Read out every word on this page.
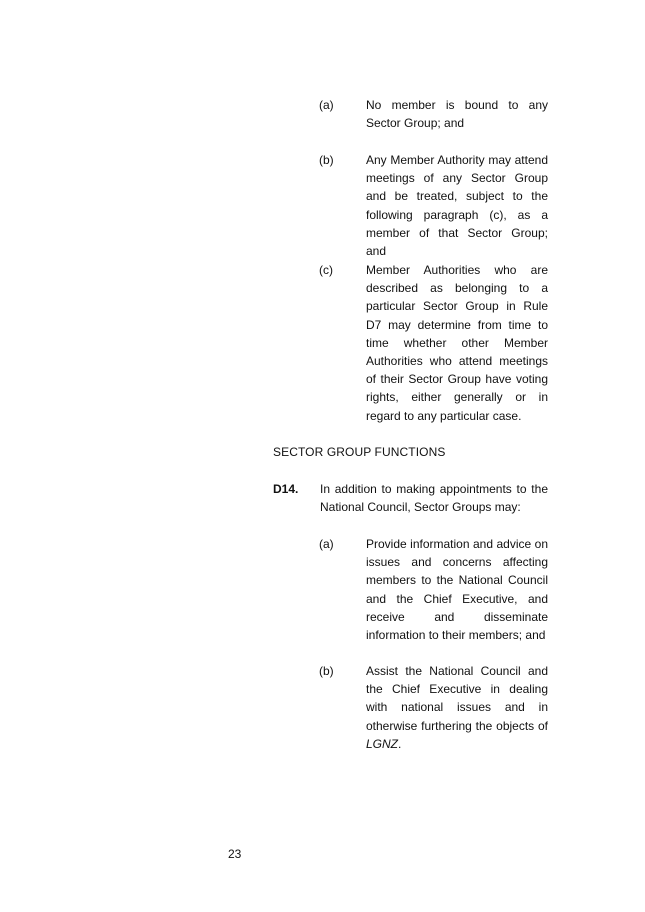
(a)	No member is bound to any Sector Group; and
(b)	Any Member Authority may attend meetings of any Sector Group and be treated, subject to the following paragraph (c), as a member of that Sector Group; and
(c)	Member Authorities who are described as belonging to a particular Sector Group in Rule D7 may determine from time to time whether other Member Authorities who attend meetings of their Sector Group have voting rights, either generally or in regard to any particular case.
SECTOR GROUP FUNCTIONS
D14. In addition to making appointments to the National Council, Sector Groups may:
(a)	Provide information and advice on issues and concerns affecting members to the National Council and the Chief Executive, and receive and disseminate information to their members; and
(b)	Assist the National Council and the Chief Executive in dealing with national issues and in otherwise furthering the objects of LGNZ.
23
